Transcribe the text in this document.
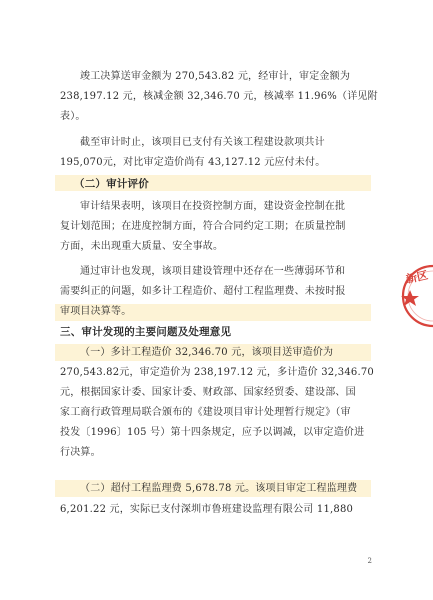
竣工决算送审金额为 270,543.82 元，经审计，审定金额为
238,197.12 元，核减金额 32,346.70 元，核减率 11.96%（详见附
表）。
截至审计时止，该项目已支付有关该工程建设款项共计
195,070元，对比审定造价尚有 43,127.12 元应付未付。
（二）审计评价
审计结果表明，该项目在投资控制方面，建设资金控制在批
复计划范围；在进度控制方面，符合合同约定工期；在质量控制
方面，未出现重大质量、安全事故。
通过审计也发现，该项目建设管理中还存在一些薄弱环节和
需要纠正的问题，如多计工程造价、超付工程监理费、未按时报
审项目决算等。
三、审计发现的主要问题及处理意见
（一）多计工程造价 32,346.70 元，该项目送审造价为
270,543.82元，审定造价为 238,197.12 元，多计造价 32,346.70
元，根据国家计委、国家计委、财政部、国家经贸委、建设部、国
家工商行政管理局联合颁布的《建设项目审计处理暂行规定》（审
投发〔1996〕105 号）第十四条规定，应予以调减，以审定造价进
行决算。
（二）超付工程监理费 5,678.78 元。该项目审定工程监理费
6,201.22 元，实际已支付深圳市鲁班建设监理有限公司 11,880
新区
2
